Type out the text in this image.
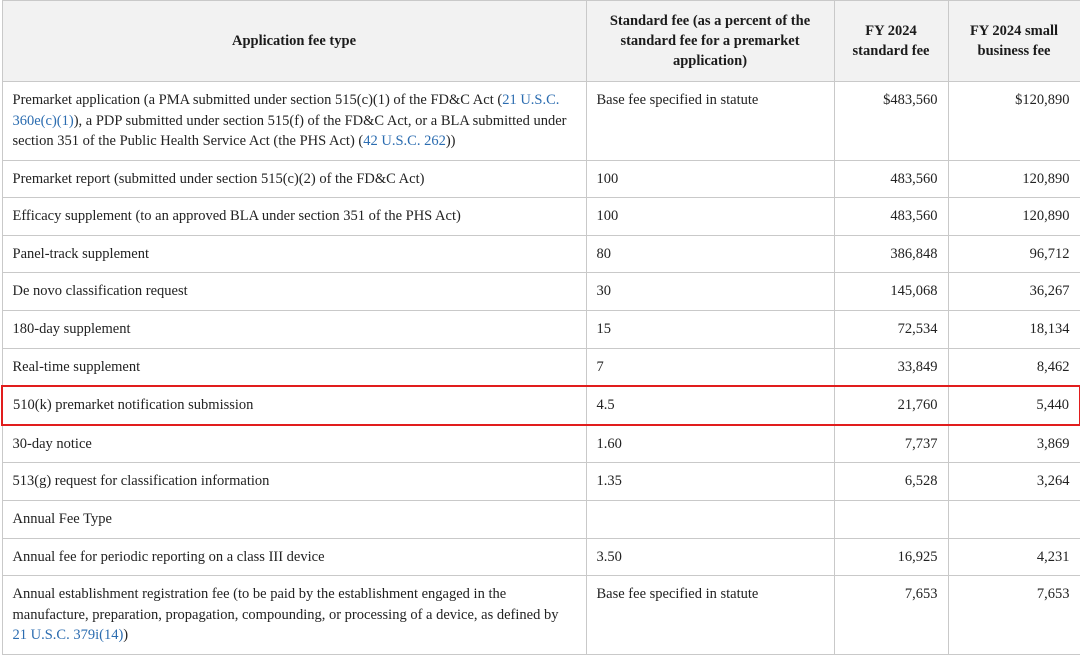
Application fee type	Standard fee (as a percent of the standard fee for a premarket application)	FY 2024 standard fee	FY 2024 small business fee
Premarket application (a PMA submitted under section 515(c)(1) of the FD&C Act (21 U.S.C. 360e(c)(1)), a PDP submitted under section 515(f) of the FD&C Act, or a BLA submitted under section 351 of the Public Health Service Act (the PHS Act) (42 U.S.C. 262))	Base fee specified in statute	$483,560	$120,890
Premarket report (submitted under section 515(c)(2) of the FD&C Act)	100	483,560	120,890
Efficacy supplement (to an approved BLA under section 351 of the PHS Act)	100	483,560	120,890
Panel-track supplement	80	386,848	96,712
De novo classification request	30	145,068	36,267
180-day supplement	15	72,534	18,134
Real-time supplement	7	33,849	8,462
510(k) premarket notification submission	4.5	21,760	5,440
30-day notice	1.60	7,737	3,869
513(g) request for classification information	1.35	6,528	3,264
Annual Fee Type			
Annual fee for periodic reporting on a class III device	3.50	16,925	4,231
Annual establishment registration fee (to be paid by the establishment engaged in the manufacture, preparation, propagation, compounding, or processing of a device, as defined by 21 U.S.C. 379i(14))	Base fee specified in statute	7,653	7,653
